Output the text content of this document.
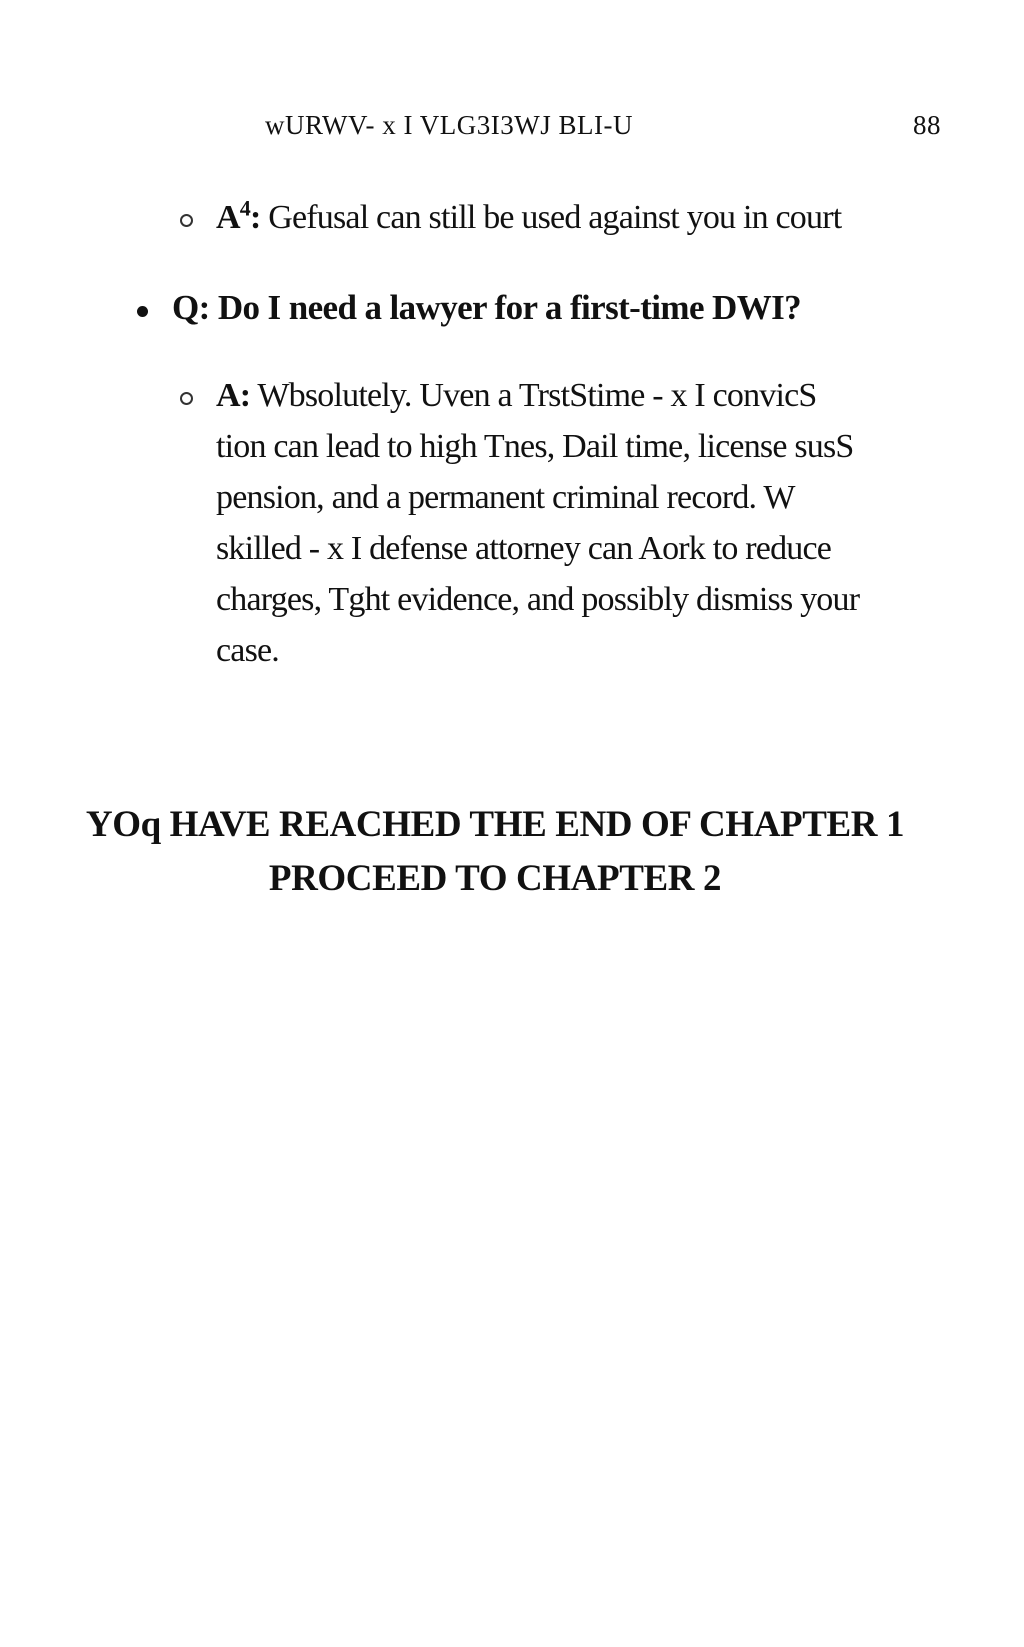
wURWV- x I VLG3I3WJ BLI-U	88
$A^4$: Gefusal can still be used against you in court
Q: Do I need a lawyer for a first-time DWI?
A: Wbsolutely. Uven a TrstStime - x I convicS
tion can lead to high Tnes, Dail time, license susS
pension, and a permanent criminal record. W
skilled - x I defense attorney can Aork to reduce
charges, Tght evidence, and possibly dismiss your
case.
YOq HAVE REACHED THE END OF CHAPTER 1
PROCEED TO CHAPTER 2
